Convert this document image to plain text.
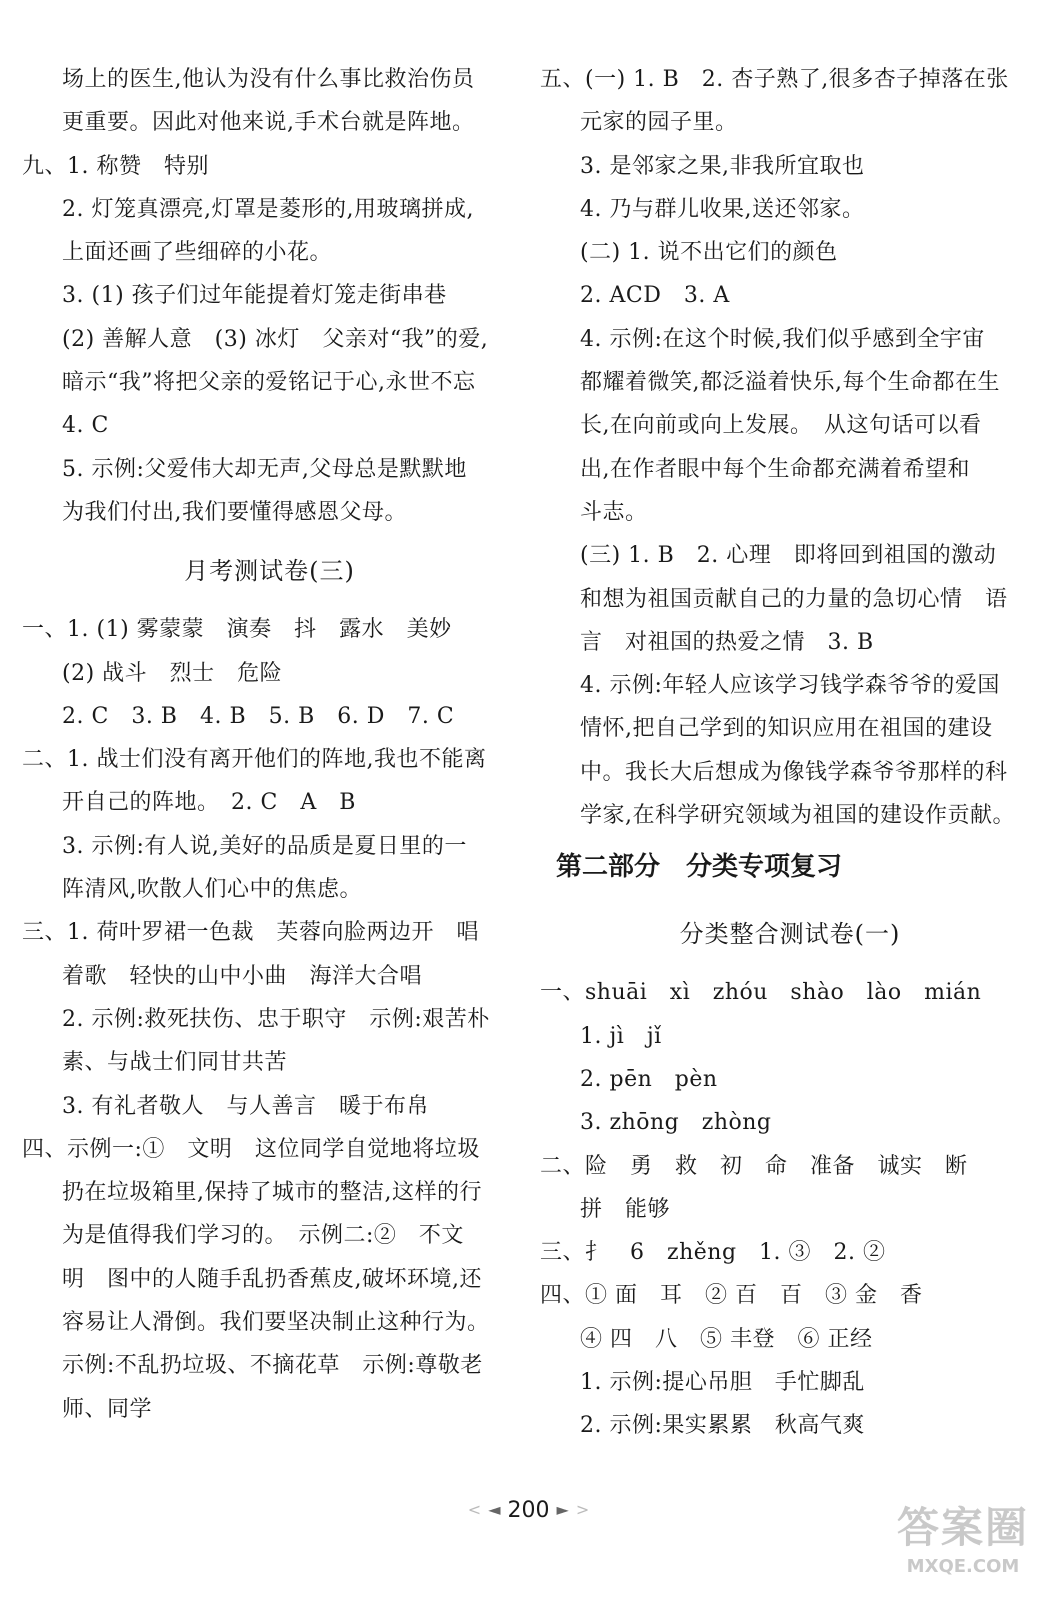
场上的医生,他认为没有什么事比救治伤员
更重要。因此对他来说,手术台就是阵地。
九、1. 称赞　特别
2. 灯笼真漂亮,灯罩是菱形的,用玻璃拼成,
上面还画了些细碎的小花。
3. (1) 孩子们过年能提着灯笼走街串巷
(2) 善解人意　(3) 冰灯　父亲对“我”的爱,
暗示“我”将把父亲的爱铭记于心,永世不忘
4. C
5. 示例:父爱伟大却无声,父母总是默默地
为我们付出,我们要懂得感恩父母。
月考测试卷(三)
一、1. (1) 雾蒙蒙　演奏　抖　露水　美妙
(2) 战斗　烈士　危险
2. C　3. B　4. B　5. B　6. D　7. C
二、1. 战士们没有离开他们的阵地,我也不能离
开自己的阵地。　2. C　A　B
3. 示例:有人说,美好的品质是夏日里的一
阵清风,吹散人们心中的焦虑。
三、1. 荷叶罗裙一色裁　芙蓉向脸两边开　唱
着歌　轻快的山中小曲　海洋大合唱
2. 示例:救死扶伤、忠于职守　示例:艰苦朴
素、与战士们同甘共苦
3. 有礼者敬人　与人善言　暖于布帛
四、示例一:①　文明　这位同学自觉地将垃圾
扔在垃圾箱里,保持了城市的整洁,这样的行
为是值得我们学习的。　示例二:②　不文
明　图中的人随手乱扔香蕉皮,破坏环境,还
容易让人滑倒。我们要坚决制止这种行为。
示例:不乱扔垃圾、不摘花草　示例:尊敬老
师、同学
五、(一) 1. B　2. 杏子熟了,很多杏子掉落在张
元家的园子里。
3. 是邻家之果,非我所宜取也
4. 乃与群儿收果,送还邻家。
(二) 1. 说不出它们的颜色
2. ACD　3. A
4. 示例:在这个时候,我们似乎感到全宇宙
都耀着微笑,都泛溢着快乐,每个生命都在生
长,在向前或向上发展。　从这句话可以看
出,在作者眼中每个生命都充满着希望和
斗志。
(三) 1. B　2. 心理　即将回到祖国的激动
和想为祖国贡献自己的力量的急切心情　语
言　对祖国的热爱之情　3. B
4. 示例:年轻人应该学习钱学森爷爷的爱国
情怀,把自己学到的知识应用在祖国的建设
中。我长大后想成为像钱学森爷爷那样的科
学家,在科学研究领域为祖国的建设作贡献。
第二部分　分类专项复习
分类整合测试卷(一)
一、shuāi　xì　zhóu　shào　lào　mián
1. jì　jǐ
2. pēn　pèn
3. zhōng　zhòng
二、险　勇　救　初　命　准备　诚实　断
拼　能够
三、扌　6　zhěng　1. ③　2. ②
四、① 面　耳　② 百　百　③ 金　香
④ 四　八　⑤ 丰登　⑥ 正经
1. 示例:提心吊胆　手忙脚乱
2. 示例:果实累累　秋高气爽
< ◄ 200 ► >	答案圈
MXQE.COM
